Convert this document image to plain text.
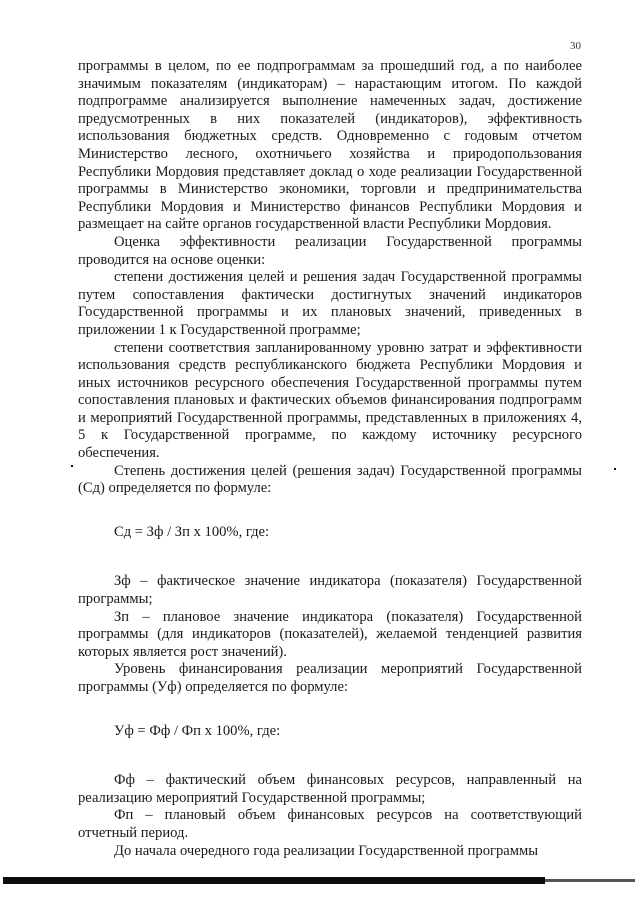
30

программы в целом, по ее подпрограммам за прошедший год, а по наиболее значимым показателям (индикаторам) – нарастающим итогом. По каждой подпрограмме анализируется выполнение намеченных задач, достижение предусмотренных в них показателей (индикаторов), эффективность использования бюджетных средств. Одновременно с годовым отчетом Министерство лесного, охотничьего хозяйства и природопользования Республики Мордовия представляет доклад о ходе реализации Государственной программы в Министерство экономики, торговли и предпринимательства Республики Мордовия и Министерство финансов Республики Мордовия и размещает на сайте органов государственной власти Республики Мордовия.

Оценка эффективности реализации Государственной программы проводится на основе оценки:

степени достижения целей и решения задач Государственной программы путем сопоставления фактически достигнутых значений индикаторов Государственной программы и их плановых значений, приведенных в приложении 1 к Государственной программе;

степени соответствия запланированному уровню затрат и эффективности использования средств республиканского бюджета Республики Мордовия и иных источников ресурсного обеспечения Государственной программы путем сопоставления плановых и фактических объемов финансирования подпрограмм и мероприятий Государственной программы, представленных в приложениях 4, 5 к Государственной программе, по каждому источнику ресурсного обеспечения.

Степень достижения целей (решения задач) Государственной программы (Сд) определяется по формуле:

Сд = Зф / Зп x 100%, где:

Зф – фактическое значение индикатора (показателя) Государственной программы;

Зп – плановое значение индикатора (показателя) Государственной программы (для индикаторов (показателей), желаемой тенденцией развития которых является рост значений).

Уровень финансирования реализации мероприятий Государственной программы (Уф) определяется по формуле:

Уф = Фф / Фп x 100%, где:

Фф – фактический объем финансовых ресурсов, направленный на реализацию мероприятий Государственной программы;

Фп – плановый объем финансовых ресурсов на соответствующий отчетный период.

До начала очередного года реализации Государственной программы
